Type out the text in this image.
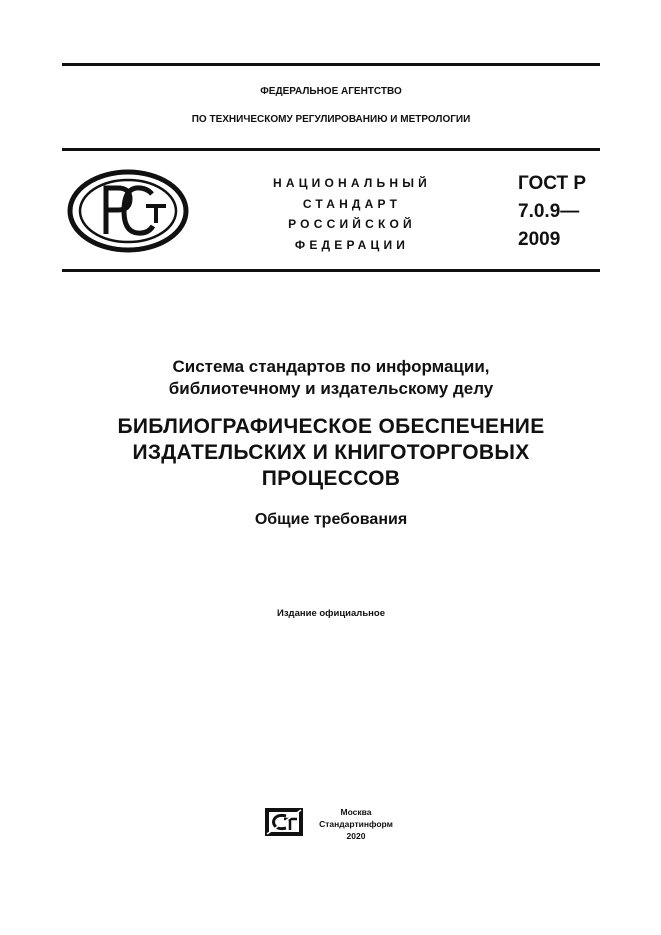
ФЕДЕРАЛЬНОЕ АГЕНТСТВО
ПО ТЕХНИЧЕСКОМУ РЕГУЛИРОВАНИЮ И МЕТРОЛОГИИ
НАЦИОНАЛЬНЫЙ
СТАНДАРТ
РОССИЙСКОЙ
ФЕДЕРАЦИИ
ГОСТ Р
7.0.9—
2009
Система стандартов по информации,
библиотечному и издательскому делу
БИБЛИОГРАФИЧЕСКОЕ ОБЕСПЕЧЕНИЕ
ИЗДАТЕЛЬСКИХ И КНИГОТОРГОВЫХ
ПРОЦЕССОВ
Общие требования
Издание официальное
Москва
Стандартинформ
2020
